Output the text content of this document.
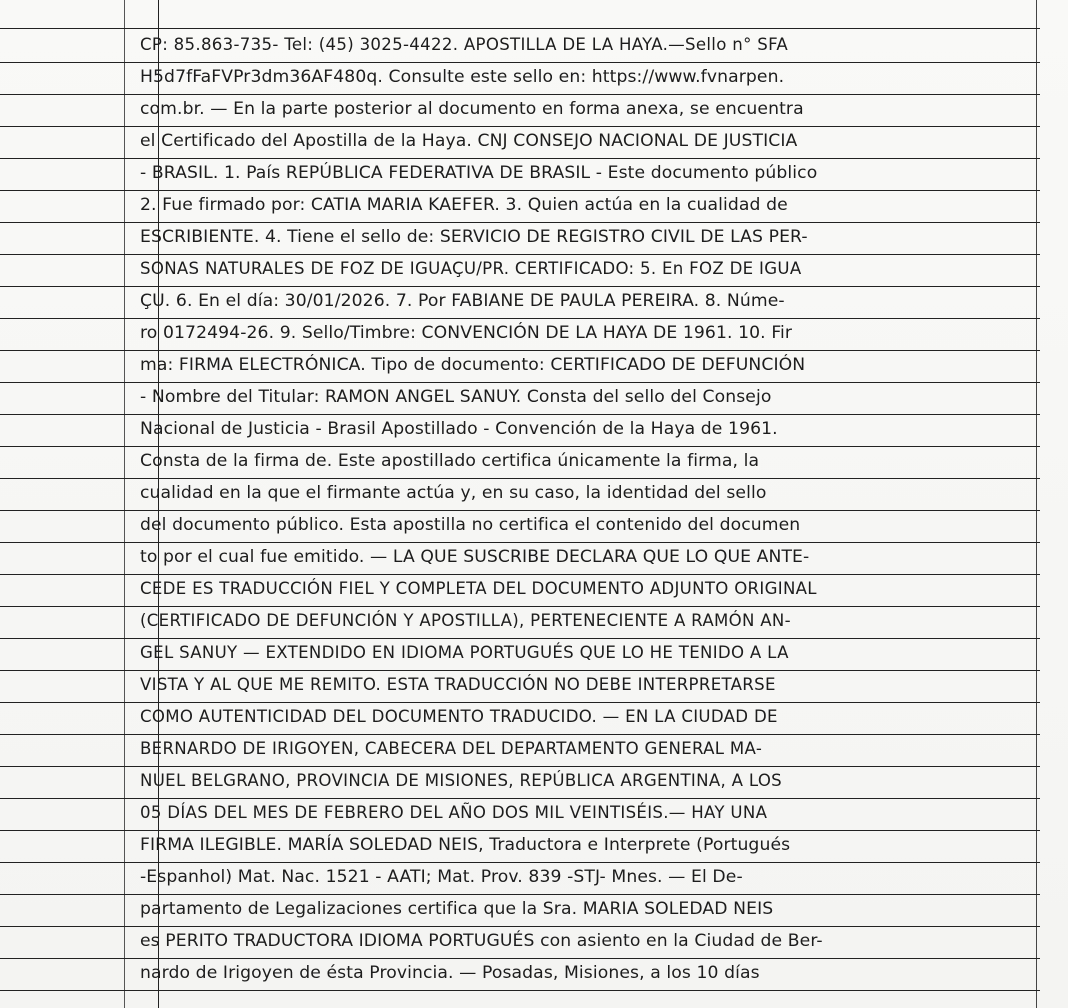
CP: 85.863-735- Tel: (45) 3025-4422. APOSTILLA DE LA HAYA.—Sello n° SFA
H5d7fFaFVPr3dm36AF480q. Consulte este sello en: https://www.fvnarpen.
com.br. — En la parte posterior al documento en forma anexa, se encuentra
el Certificado del Apostilla de la Haya. CNJ CONSEJO NACIONAL DE JUSTICIA
- BRASIL. 1. País REPÚBLICA FEDERATIVA DE BRASIL - Este documento público
2. Fue firmado por: CATIA MARIA KAEFER. 3. Quien actúa en la cualidad de
ESCRIBIENTE. 4. Tiene el sello de: SERVICIO DE REGISTRO CIVIL DE LAS PER-
SONAS NATURALES DE FOZ DE IGUAÇU/PR. CERTIFICADO: 5. En FOZ DE IGUA
ÇU. 6. En el día: 30/01/2026. 7. Por FABIANE DE PAULA PEREIRA. 8. Núme-
ro 0172494-26. 9. Sello/Timbre: CONVENCIÓN DE LA HAYA DE 1961. 10. Fir
ma: FIRMA ELECTRÓNICA. Tipo de documento: CERTIFICADO DE DEFUNCIÓN
- Nombre del Titular: RAMON ANGEL SANUY. Consta del sello del Consejo
Nacional de Justicia - Brasil Apostillado - Convención de la Haya de 1961.
Consta de la firma de. Este apostillado certifica únicamente la firma, la
cualidad en la que el firmante actúa y, en su caso, la identidad del sello
del documento público. Esta apostilla no certifica el contenido del documen
to por el cual fue emitido. — LA QUE SUSCRIBE DECLARA QUE LO QUE ANTE-
CEDE ES TRADUCCIÓN FIEL Y COMPLETA DEL DOCUMENTO ADJUNTO ORIGINAL
(CERTIFICADO DE DEFUNCIÓN Y APOSTILLA), PERTENECIENTE A RAMÓN AN-
GEL SANUY — EXTENDIDO EN IDIOMA PORTUGUÉS QUE LO HE TENIDO A LA
VISTA Y AL QUE ME REMITO. ESTA TRADUCCIÓN NO DEBE INTERPRETARSE
COMO AUTENTICIDAD DEL DOCUMENTO TRADUCIDO. — EN LA CIUDAD DE
BERNARDO DE IRIGOYEN, CABECERA DEL DEPARTAMENTO GENERAL MA-
NUEL BELGRANO, PROVINCIA DE MISIONES, REPÚBLICA ARGENTINA, A LOS
05 DÍAS DEL MES DE FEBRERO DEL AÑO DOS MIL VEINTISÉIS.— HAY UNA
FIRMA ILEGIBLE. MARÍA SOLEDAD NEIS, Traductora e Interprete (Portugués
-Espanhol) Mat. Nac. 1521 - AATI; Mat. Prov. 839 -STJ- Mnes. — El De-
partamento de Legalizaciones certifica que la Sra. MARIA SOLEDAD NEIS
es PERITO TRADUCTORA IDIOMA PORTUGUÉS con asiento en la Ciudad de Ber-
nardo de Irigoyen de ésta Provincia. — Posadas, Misiones, a los 10 días
